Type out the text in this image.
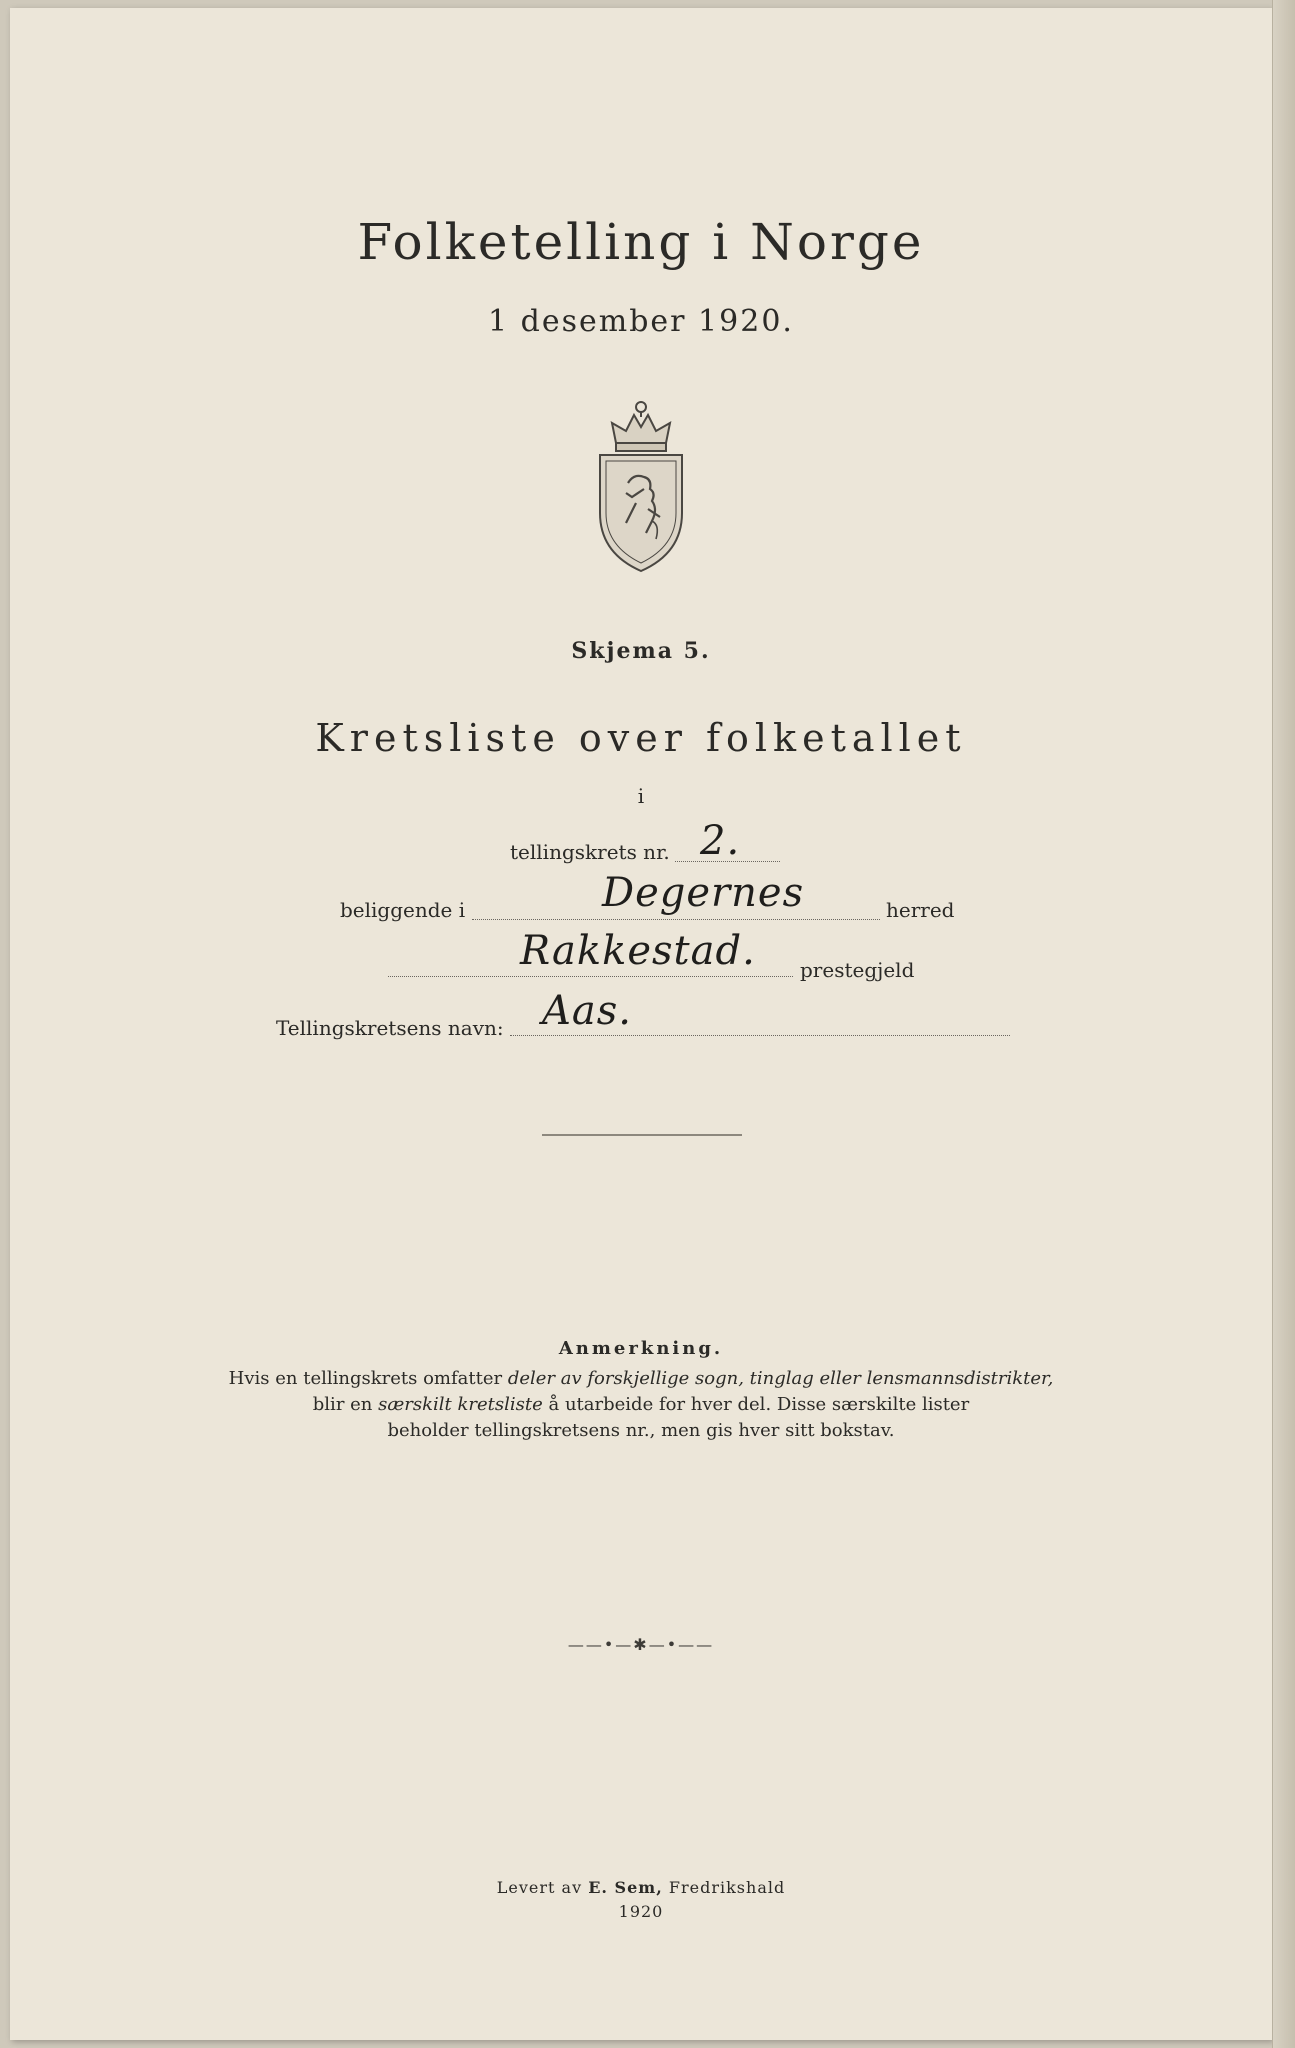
Folketelling i Norge
1 desember 1920.
Skjema 5.
Kretsliste over folketallet
i
tellingskrets nr. 2.
beliggende i	Degernes	herred
Rakkestad. prestegjeld
Tellingskretsens navn: Aas.
Anmerkning.
Hvis en tellingskrets omfatter deler av forskjellige sogn, tinglag eller lensmannsdistrikter,
blir en særskilt kretsliste å utarbeide for hver del. Disse særskilte lister
beholder tellingskretsens nr., men gis hver sitt bokstav.
——•—✱—•——
Levert av E. Sem, Fredrikshald
1920
